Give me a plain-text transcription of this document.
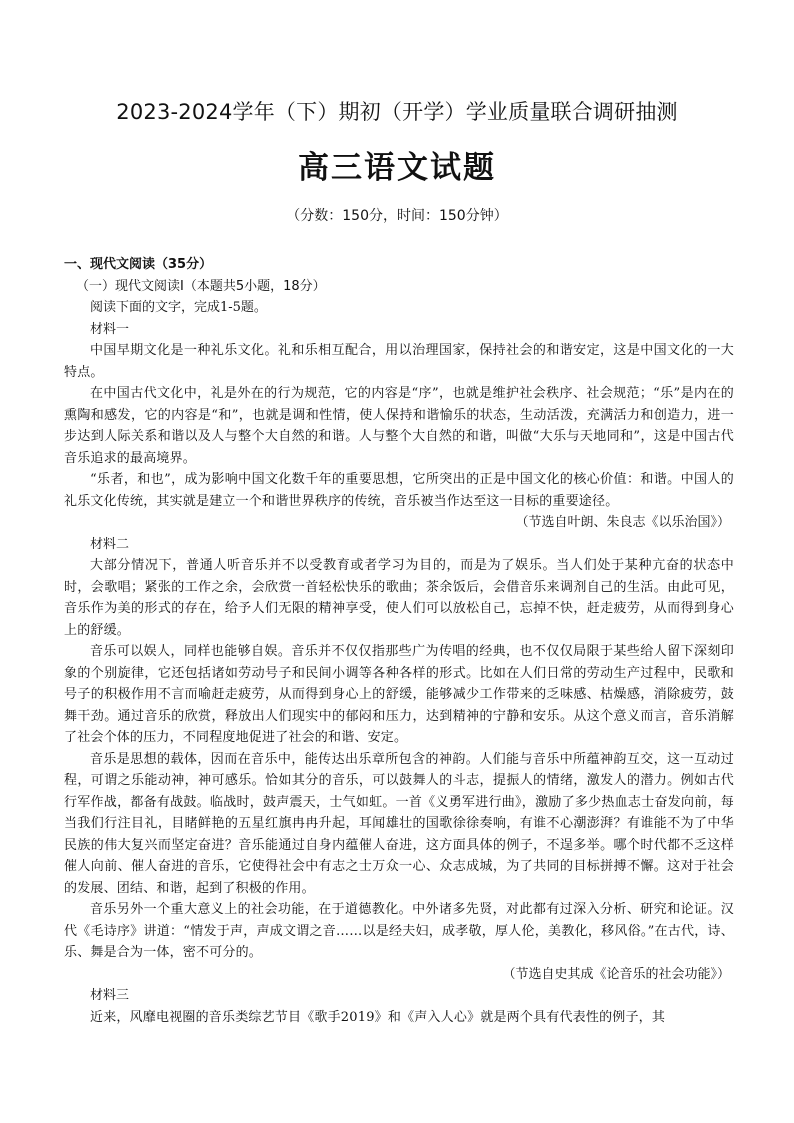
2023-2024学年（下）期初（开学）学业质量联合调研抽测
高三语文试题
（分数：150分，时间：150分钟）
一、现代文阅读（35分）
（一）现代文阅读Ⅰ（本题共5小题，18分）
阅读下面的文字，完成1-5题。
材料一

中国早期文化是一种礼乐文化。礼和乐相互配合，用以治理国家，保持社会的和谐安定，这是中国文化的一大特点。

在中国古代文化中，礼是外在的行为规范，它的内容是“序”，也就是维护社会秩序、社会规范；“乐”是内在的熏陶和感发，它的内容是“和”，也就是调和性情，使人保持和谐愉乐的状态，生动活泼，充满活力和创造力，进一步达到人际关系和谐以及人与整个大自然的和谐。人与整个大自然的和谐，叫做“大乐与天地同和”，这是中国古代音乐追求的最高境界。

“乐者，和也”，成为影响中国文化数千年的重要思想，它所突出的正是中国文化的核心价值：和谐。中国人的礼乐文化传统，其实就是建立一个和谐世界秩序的传统，音乐被当作达至这一目标的重要途径。

（节选自叶朗、朱良志《以乐治国》）

材料二

大部分情况下，普通人听音乐并不以受教育或者学习为目的，而是为了娱乐。当人们处于某种亢奋的状态中时，会歌唱；紧张的工作之余，会欣赏一首轻松快乐的歌曲；茶余饭后，会借音乐来调剂自己的生活。由此可见，音乐作为美的形式的存在，给予人们无限的精神享受，使人们可以放松自己，忘掉不快，赶走疲劳，从而得到身心上的舒缓。

音乐可以娱人，同样也能够自娱。音乐并不仅仅指那些广为传唱的经典，也不仅仅局限于某些给人留下深刻印象的个别旋律，它还包括诸如劳动号子和民间小调等各种各样的形式。比如在人们日常的劳动生产过程中，民歌和号子的积极作用不言而喻赶走疲劳，从而得到身心上的舒缓，能够减少工作带来的乏味感、枯燥感，消除疲劳，鼓舞干劲。通过音乐的欣赏，释放出人们现实中的郁闷和压力，达到精神的宁静和安乐。从这个意义而言，音乐消解了社会个体的压力，不同程度地促进了社会的和谐、安定。

音乐是思想的载体，因而在音乐中，能传达出乐章所包含的神韵。人们能与音乐中所蕴神韵互交，这一互动过程，可谓之乐能动神，神可感乐。恰如其分的音乐，可以鼓舞人的斗志，提振人的情绪，激发人的潜力。例如古代行军作战，都备有战鼓。临战时，鼓声震天，士气如虹。一首《义勇军进行曲》，激励了多少热血志士奋发向前，每当我们行注目礼，目睹鲜艳的五星红旗冉冉升起，耳闻雄壮的国歌徐徐奏响，有谁不心潮澎湃？有谁能不为了中华民族的伟大复兴而坚定奋进？音乐能通过自身内蕴催人奋进，这方面具体的例子，不逞多举。哪个时代都不乏这样催人向前、催人奋进的音乐，它使得社会中有志之士万众一心、众志成城，为了共同的目标拼搏不懈。这对于社会的发展、团结、和谐，起到了积极的作用。

音乐另外一个重大意义上的社会功能，在于道德教化。中外诸多先贤，对此都有过深入分析、研究和论证。汉代《毛诗序》讲道：“情发于声，声成文谓之音……以是经夫妇，成孝敬，厚人伦，美教化，移风俗。”在古代，诗、乐、舞是合为一体，密不可分的。

（节选自史其成《论音乐的社会功能》）

材料三

近来，风靡电视圈的音乐类综艺节目《歌手2019》和《声入人心》就是两个具有代表性的例子，其
